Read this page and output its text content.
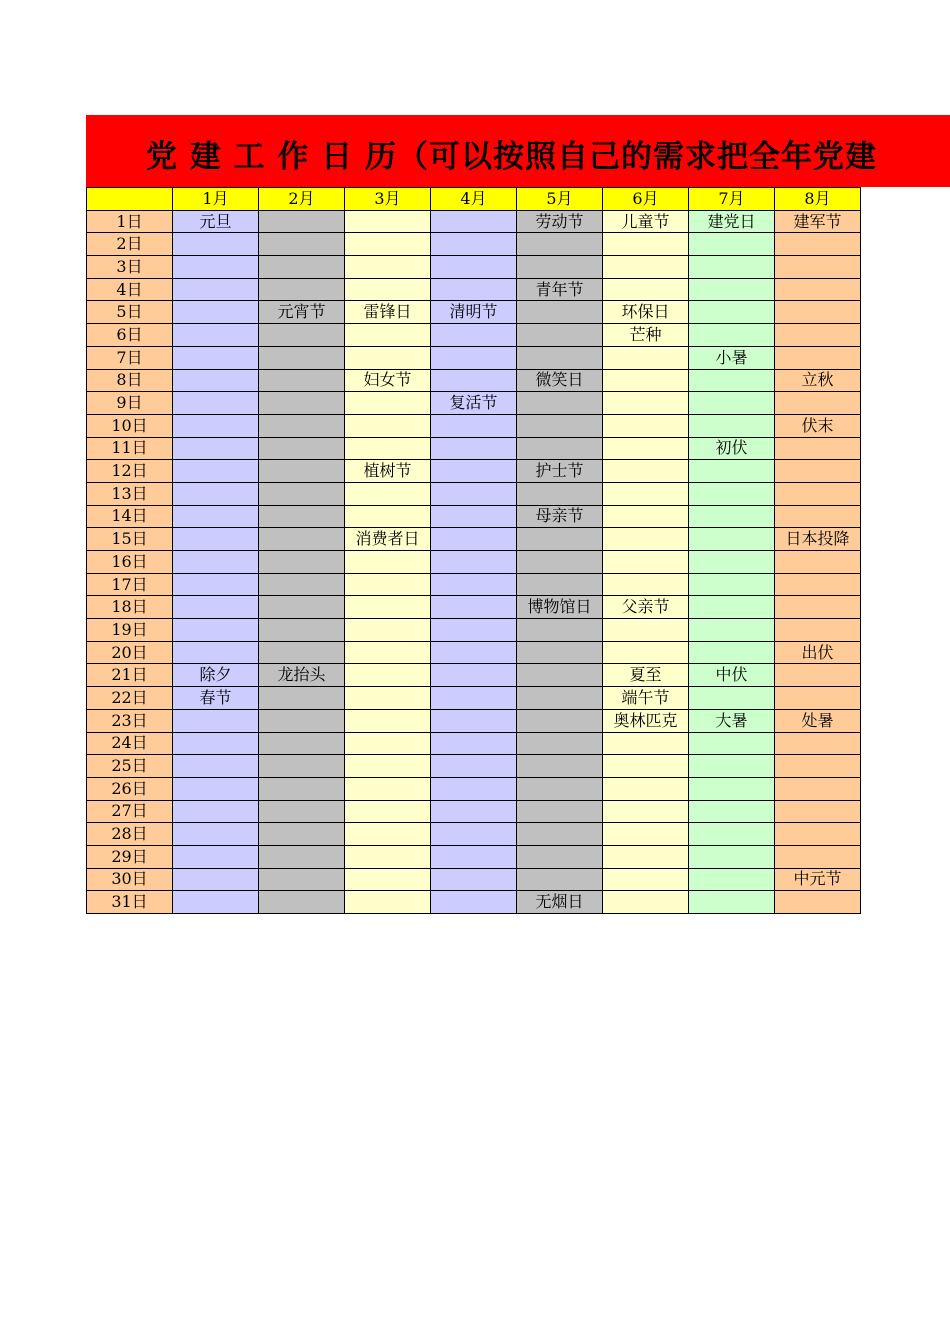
党 建 工 作 日 历（可以按照自己的需求把全年党建
	1月	2月	3月	4月	5月	6月	7月	8月
1日	元旦				劳动节	儿童节	建党日	建军节
2日								
3日								
4日					青年节			
5日		元宵节	雷锋日	清明节		环保日		
6日						芒种		
7日							小暑	
8日			妇女节		微笑日			立秋
9日				复活节				
10日								伏末
11日							初伏	
12日			植树节		护士节			
13日								
14日					母亲节			
15日			消费者日					日本投降
16日								
17日								
18日					博物馆日	父亲节		
19日								
20日								出伏
21日	除夕	龙抬头				夏至	中伏	
22日	春节					端午节		
23日						奥林匹克	大暑	处暑
24日								
25日								
26日								
27日								
28日								
29日								
30日								中元节
31日					无烟日			
